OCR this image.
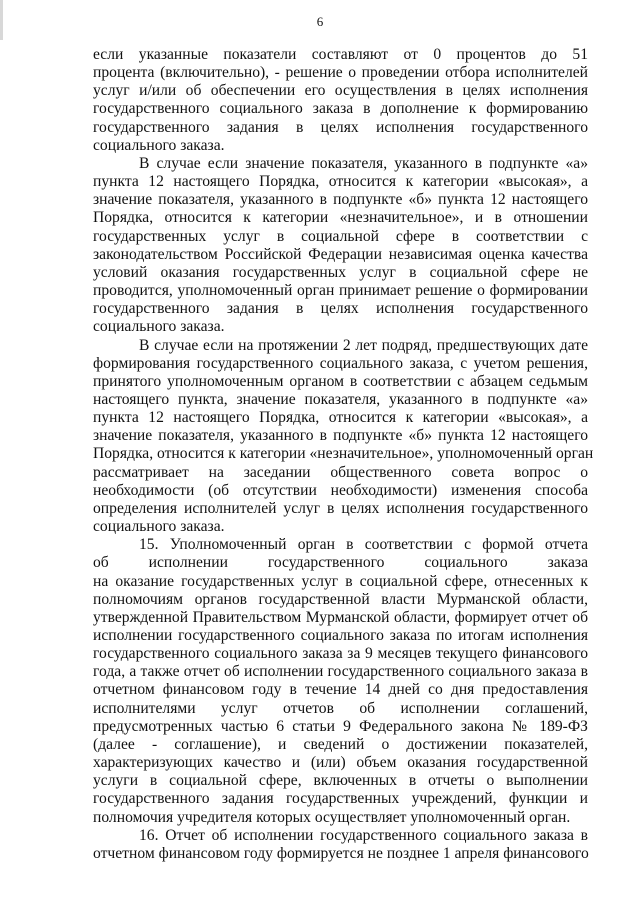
6
если указанные показатели составляют от 0 процентов до 51
процента (включительно), - решение о проведении отбора исполнителей
услуг и/или об обеспечении его осуществления в целях исполнения
государственного социального заказа в дополнение к формированию
государственного задания в целях исполнения государственного
социального заказа.
В случае если значение показателя, указанного в подпункте «а»
пункта 12 настоящего Порядка, относится к категории «высокая», а
значение показателя, указанного в подпункте «б» пункта 12 настоящего
Порядка, относится к категории «незначительное», и в отношении
государственных услуг в социальной сфере в соответствии с
законодательством Российской Федерации независимая оценка качества
условий оказания государственных услуг в социальной сфере не
проводится, уполномоченный орган принимает решение о формировании
государственного задания в целях исполнения государственного
социального заказа.
В случае если на протяжении 2 лет подряд, предшествующих дате
формирования государственного социального заказа, с учетом решения,
принятого уполномоченным органом в соответствии с абзацем седьмым
настоящего пункта, значение показателя, указанного в подпункте «а»
пункта 12 настоящего Порядка, относится к категории «высокая», а
значение показателя, указанного в подпункте «б» пункта 12 настоящего
Порядка, относится к категории «незначительное», уполномоченный орган
рассматривает на заседании общественного совета вопрос о
необходимости (об отсутствии необходимости) изменения способа
определения исполнителей услуг в целях исполнения государственного
социального заказа.
15. Уполномоченный орган в соответствии с формой отчета
об исполнении государственного социального заказа
на оказание государственных услуг в социальной сфере, отнесенных к
полномочиям органов государственной власти Мурманской области,
утвержденной Правительством Мурманской области, формирует отчет об
исполнении государственного социального заказа по итогам исполнения
государственного социального заказа за 9 месяцев текущего финансового
года, а также отчет об исполнении государственного социального заказа в
отчетном финансовом году в течение 14 дней со дня предоставления
исполнителями услуг отчетов об исполнении соглашений,
предусмотренных частью 6 статьи 9 Федерального закона № 189-ФЗ
(далее - соглашение), и сведений о достижении показателей,
характеризующих качество и (или) объем оказания государственной
услуги в социальной сфере, включенных в отчеты о выполнении
государственного задания государственных учреждений, функции и
полномочия учредителя которых осуществляет уполномоченный орган.
16. Отчет об исполнении государственного социального заказа в
отчетном финансовом году формируется не позднее 1 апреля финансового
